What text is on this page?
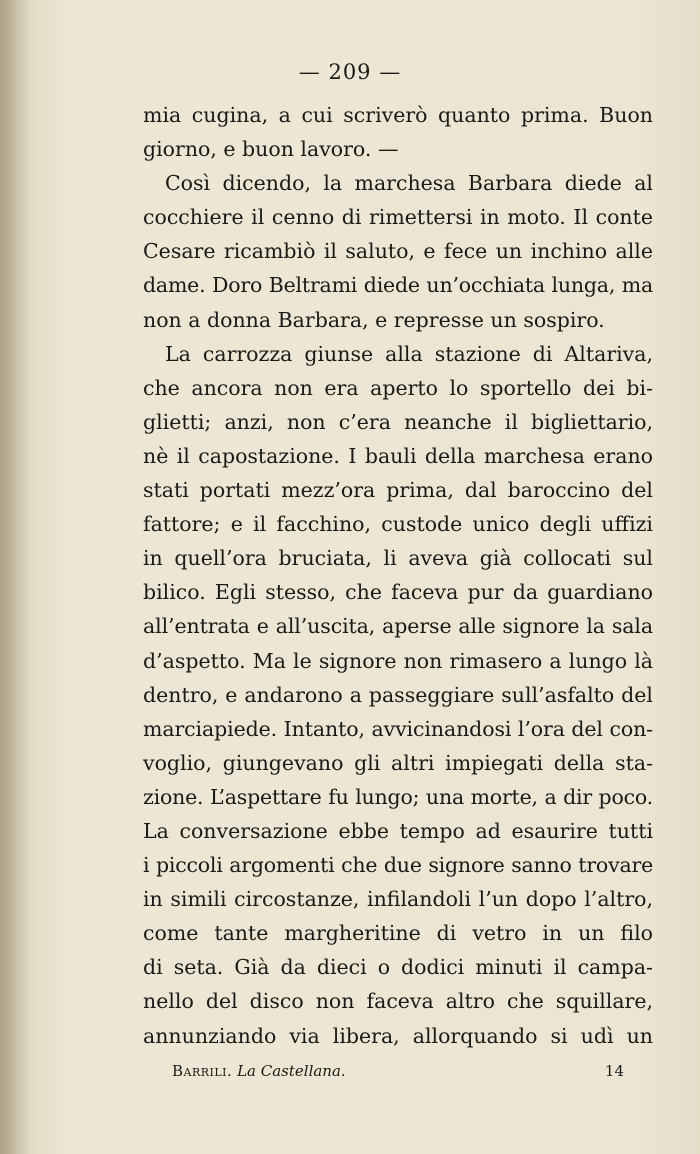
— 209 —
mia cugina, a cui scriverò quanto prima. Buon
giorno, e buon lavoro. —
Così dicendo, la marchesa Barbara diede al
cocchiere il cenno di rimettersi in moto. Il conte
Cesare ricambiò il saluto, e fece un inchino alle
dame. Doro Beltrami diede un’occhiata lunga, ma
non a donna Barbara, e represse un sospiro.
La carrozza giunse alla stazione di Altariva,
che ancora non era aperto lo sportello dei bi-
glietti; anzi, non c’era neanche il bigliettario,
nè il capostazione. I bauli della marchesa erano
stati portati mezz’ora prima, dal baroccino del
fattore; e il facchino, custode unico degli uffizi
in quell’ora bruciata, li aveva già collocati sul
bilico. Egli stesso, che faceva pur da guardiano
all’entrata e all’uscita, aperse alle signore la sala
d’aspetto. Ma le signore non rimasero a lungo là
dentro, e andarono a passeggiare sull’asfalto del
marciapiede. Intanto, avvicinandosi l’ora del con-
voglio, giungevano gli altri impiegati della sta-
zione. L’aspettare fu lungo; una morte, a dir poco.
La conversazione ebbe tempo ad esaurire tutti
i piccoli argomenti che due signore sanno trovare
in simili circostanze, infilandoli l’un dopo l’altro,
come tante margheritine di vetro in un filo
di seta. Già da dieci o dodici minuti il campa-
nello del disco non faceva altro che squillare,
annunziando via libera, allorquando si udì un
Barrili. La Castellana.	14
